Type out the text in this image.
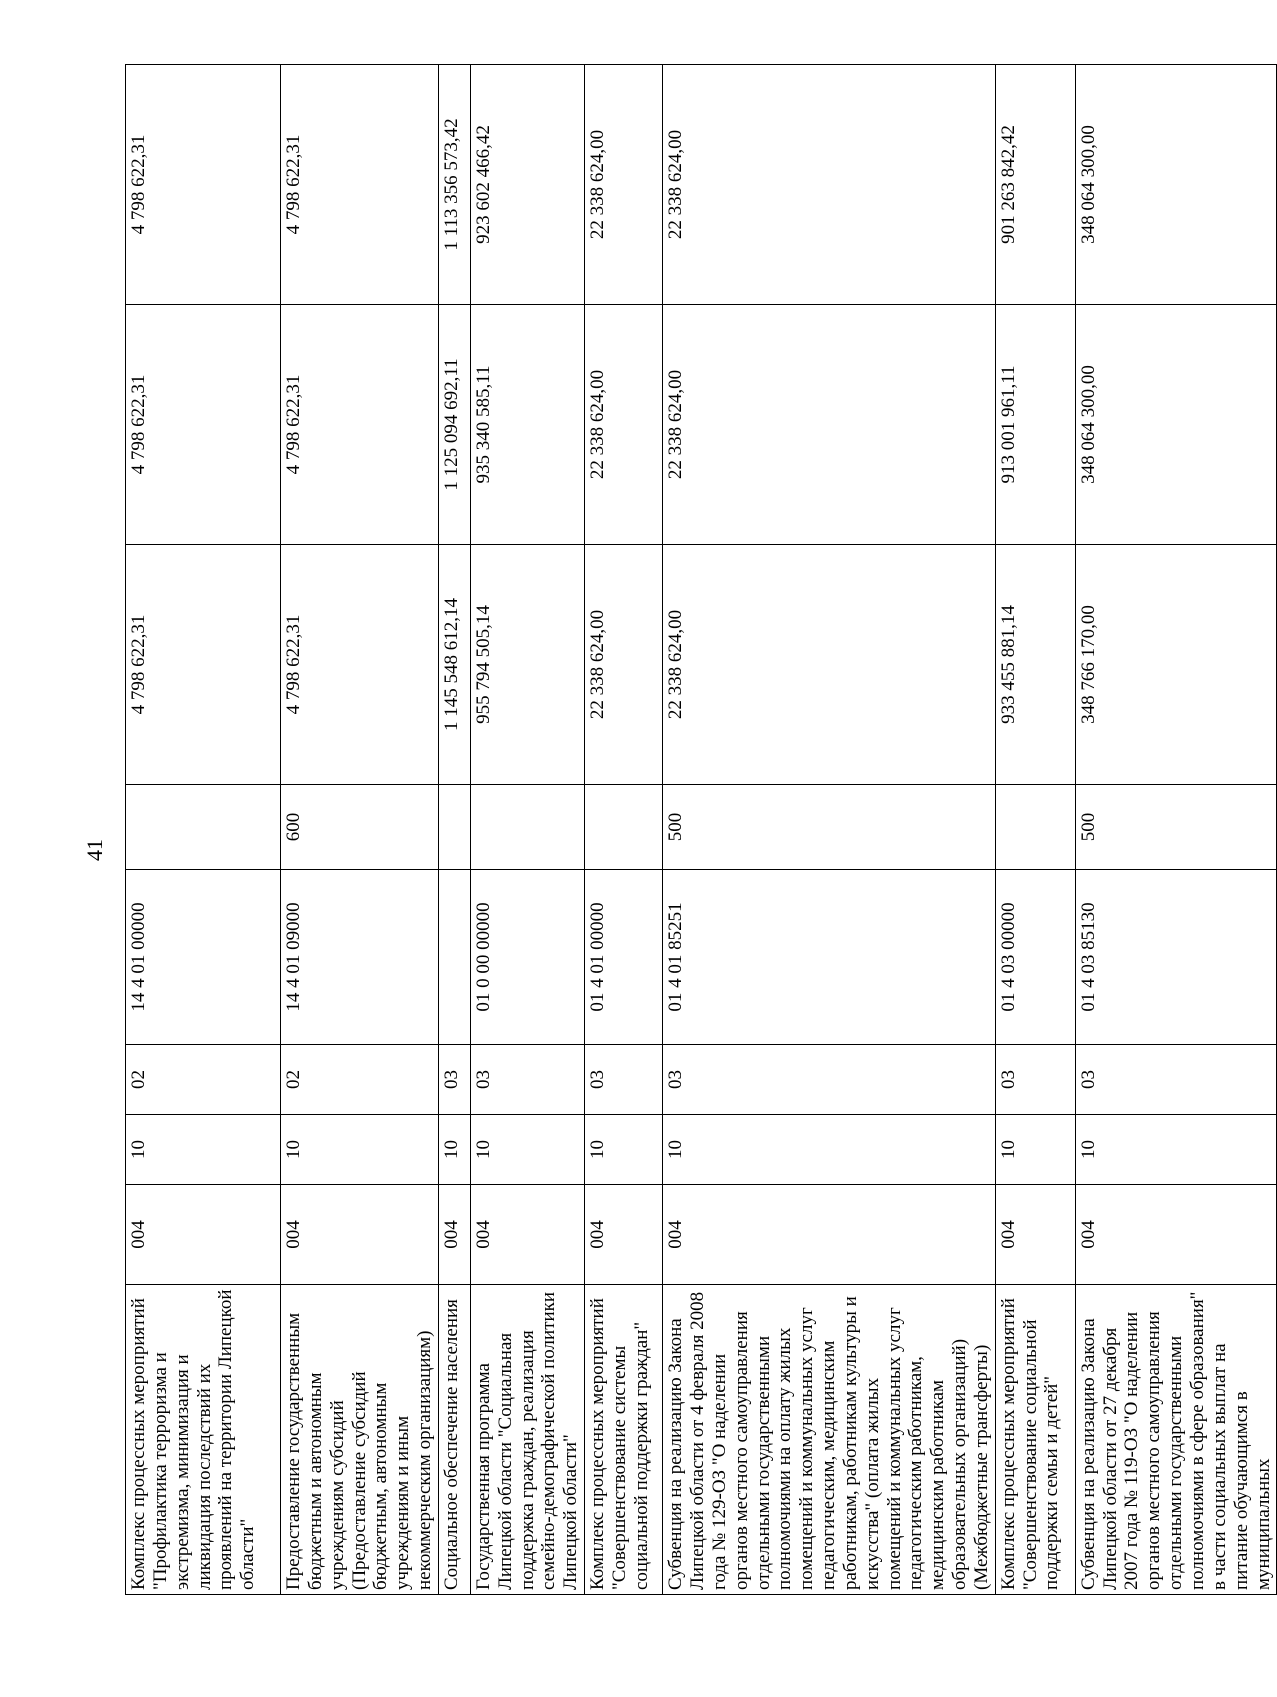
41
Комплекс процессных мероприятий "Профилактика терроризма и экстремизма, минимизация и ликвидация последствий их проявлений на территории Липецкой области"	004	10	02	14 4 01 00000		4 798 622,31	4 798 622,31	4 798 622,31
Предоставление государственным бюджетным и автономным учреждениям субсидий (Предоставление субсидий бюджетным, автономным учреждениям и иным некоммерческим организациям)	004	10	02	14 4 01 09000	600	4 798 622,31	4 798 622,31	4 798 622,31
Социальное обеспечение населения	004	10	03			1 145 548 612,14	1 125 094 692,11	1 113 356 573,42
Государственная программа Липецкой области "Социальная поддержка граждан, реализация семейно-демографической политики Липецкой области"	004	10	03	01 0 00 00000		955 794 505,14	935 340 585,11	923 602 466,42
Комплекс процессных мероприятий "Совершенствование системы социальной поддержки граждан"	004	10	03	01 4 01 00000		22 338 624,00	22 338 624,00	22 338 624,00
Субвенция на реализацию Закона Липецкой области от 4 февраля 2008 года № 129-ОЗ "О наделении органов местного самоуправления отдельными государственными полномочиями на оплату жилых помещений и коммунальных услуг педагогическим, медицинским работникам, работникам культуры и искусства" (оплата жилых помещений и коммунальных услуг педагогическим работникам, медицинским работникам образовательных организаций) (Межбюджетные трансферты)	004	10	03	01 4 01 85251	500	22 338 624,00	22 338 624,00	22 338 624,00
Комплекс процессных мероприятий "Совершенствование социальной поддержки семьи и детей"	004	10	03	01 4 03 00000		933 455 881,14	913 001 961,11	901 263 842,42
Субвенция на реализацию Закона Липецкой области от 27 декабря 2007 года № 119-ОЗ "О наделении органов местного самоуправления отдельными государственными полномочиями в сфере образования" в части социальных выплат на питание обучающимся в муниципальных	004	10	03	01 4 03 85130	500	348 766 170,00	348 064 300,00	348 064 300,00
